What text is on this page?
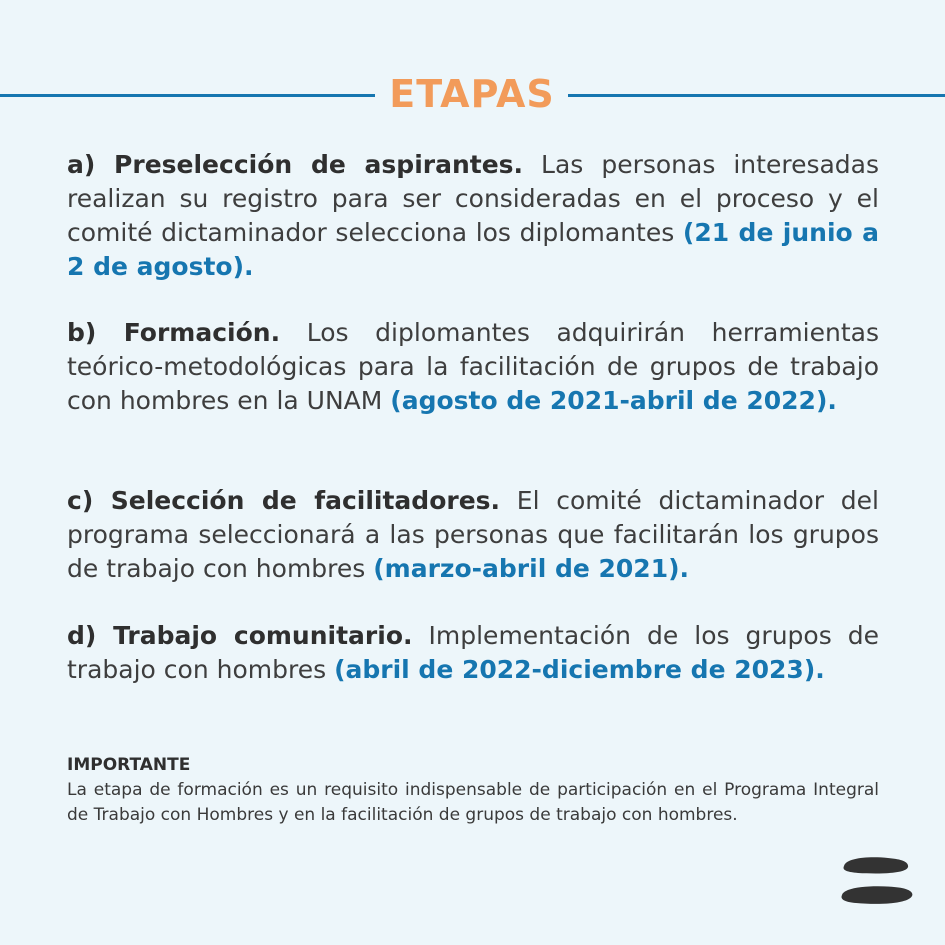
ETAPAS
a) Preselección de aspirantes. Las personas interesadas realizan su registro para ser consideradas en el proceso y el comité dictaminador selecciona los diplomantes (21 de junio a 2 de agosto).
b) Formación. Los diplomantes adquirirán herramientas teórico-metodológicas para la facilitación de grupos de trabajo con hombres en la UNAM (agosto de 2021-abril de 2022).
c) Selección de facilitadores. El comité dictaminador del programa seleccionará a las personas que facilitarán los grupos de trabajo con hombres (marzo-abril de 2021).
d) Trabajo comunitario. Implementación de los grupos de trabajo con hombres (abril de 2022-diciembre de 2023).
IMPORTANTE
La etapa de formación es un requisito indispensable de participación en el Programa Integral de Trabajo con Hombres y en la facilitación de grupos de trabajo con hombres.
